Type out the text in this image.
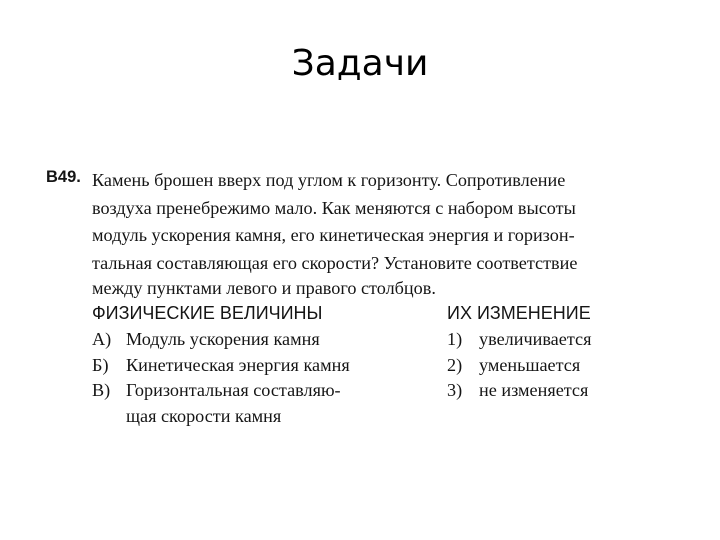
Задачи
В49. Камень брошен вверх под углом к горизонту. Сопротивление
воздуха пренебрежимо мало. Как меняются с набором высоты
модуль ускорения камня, его кинетическая энергия и горизон-
тальная составляющая его скорости? Установите соответствие
между пунктами левого и правого столбцов.
ФИЗИЧЕСКИЕ ВЕЛИЧИНЫ
А) Модуль ускорения камня
Б) Кинетическая энергия камня
В) Горизонтальная составляю-
щая скорости камня
ИХ ИЗМЕНЕНИЕ
1) увеличивается
2) уменьшается
3) не изменяется
